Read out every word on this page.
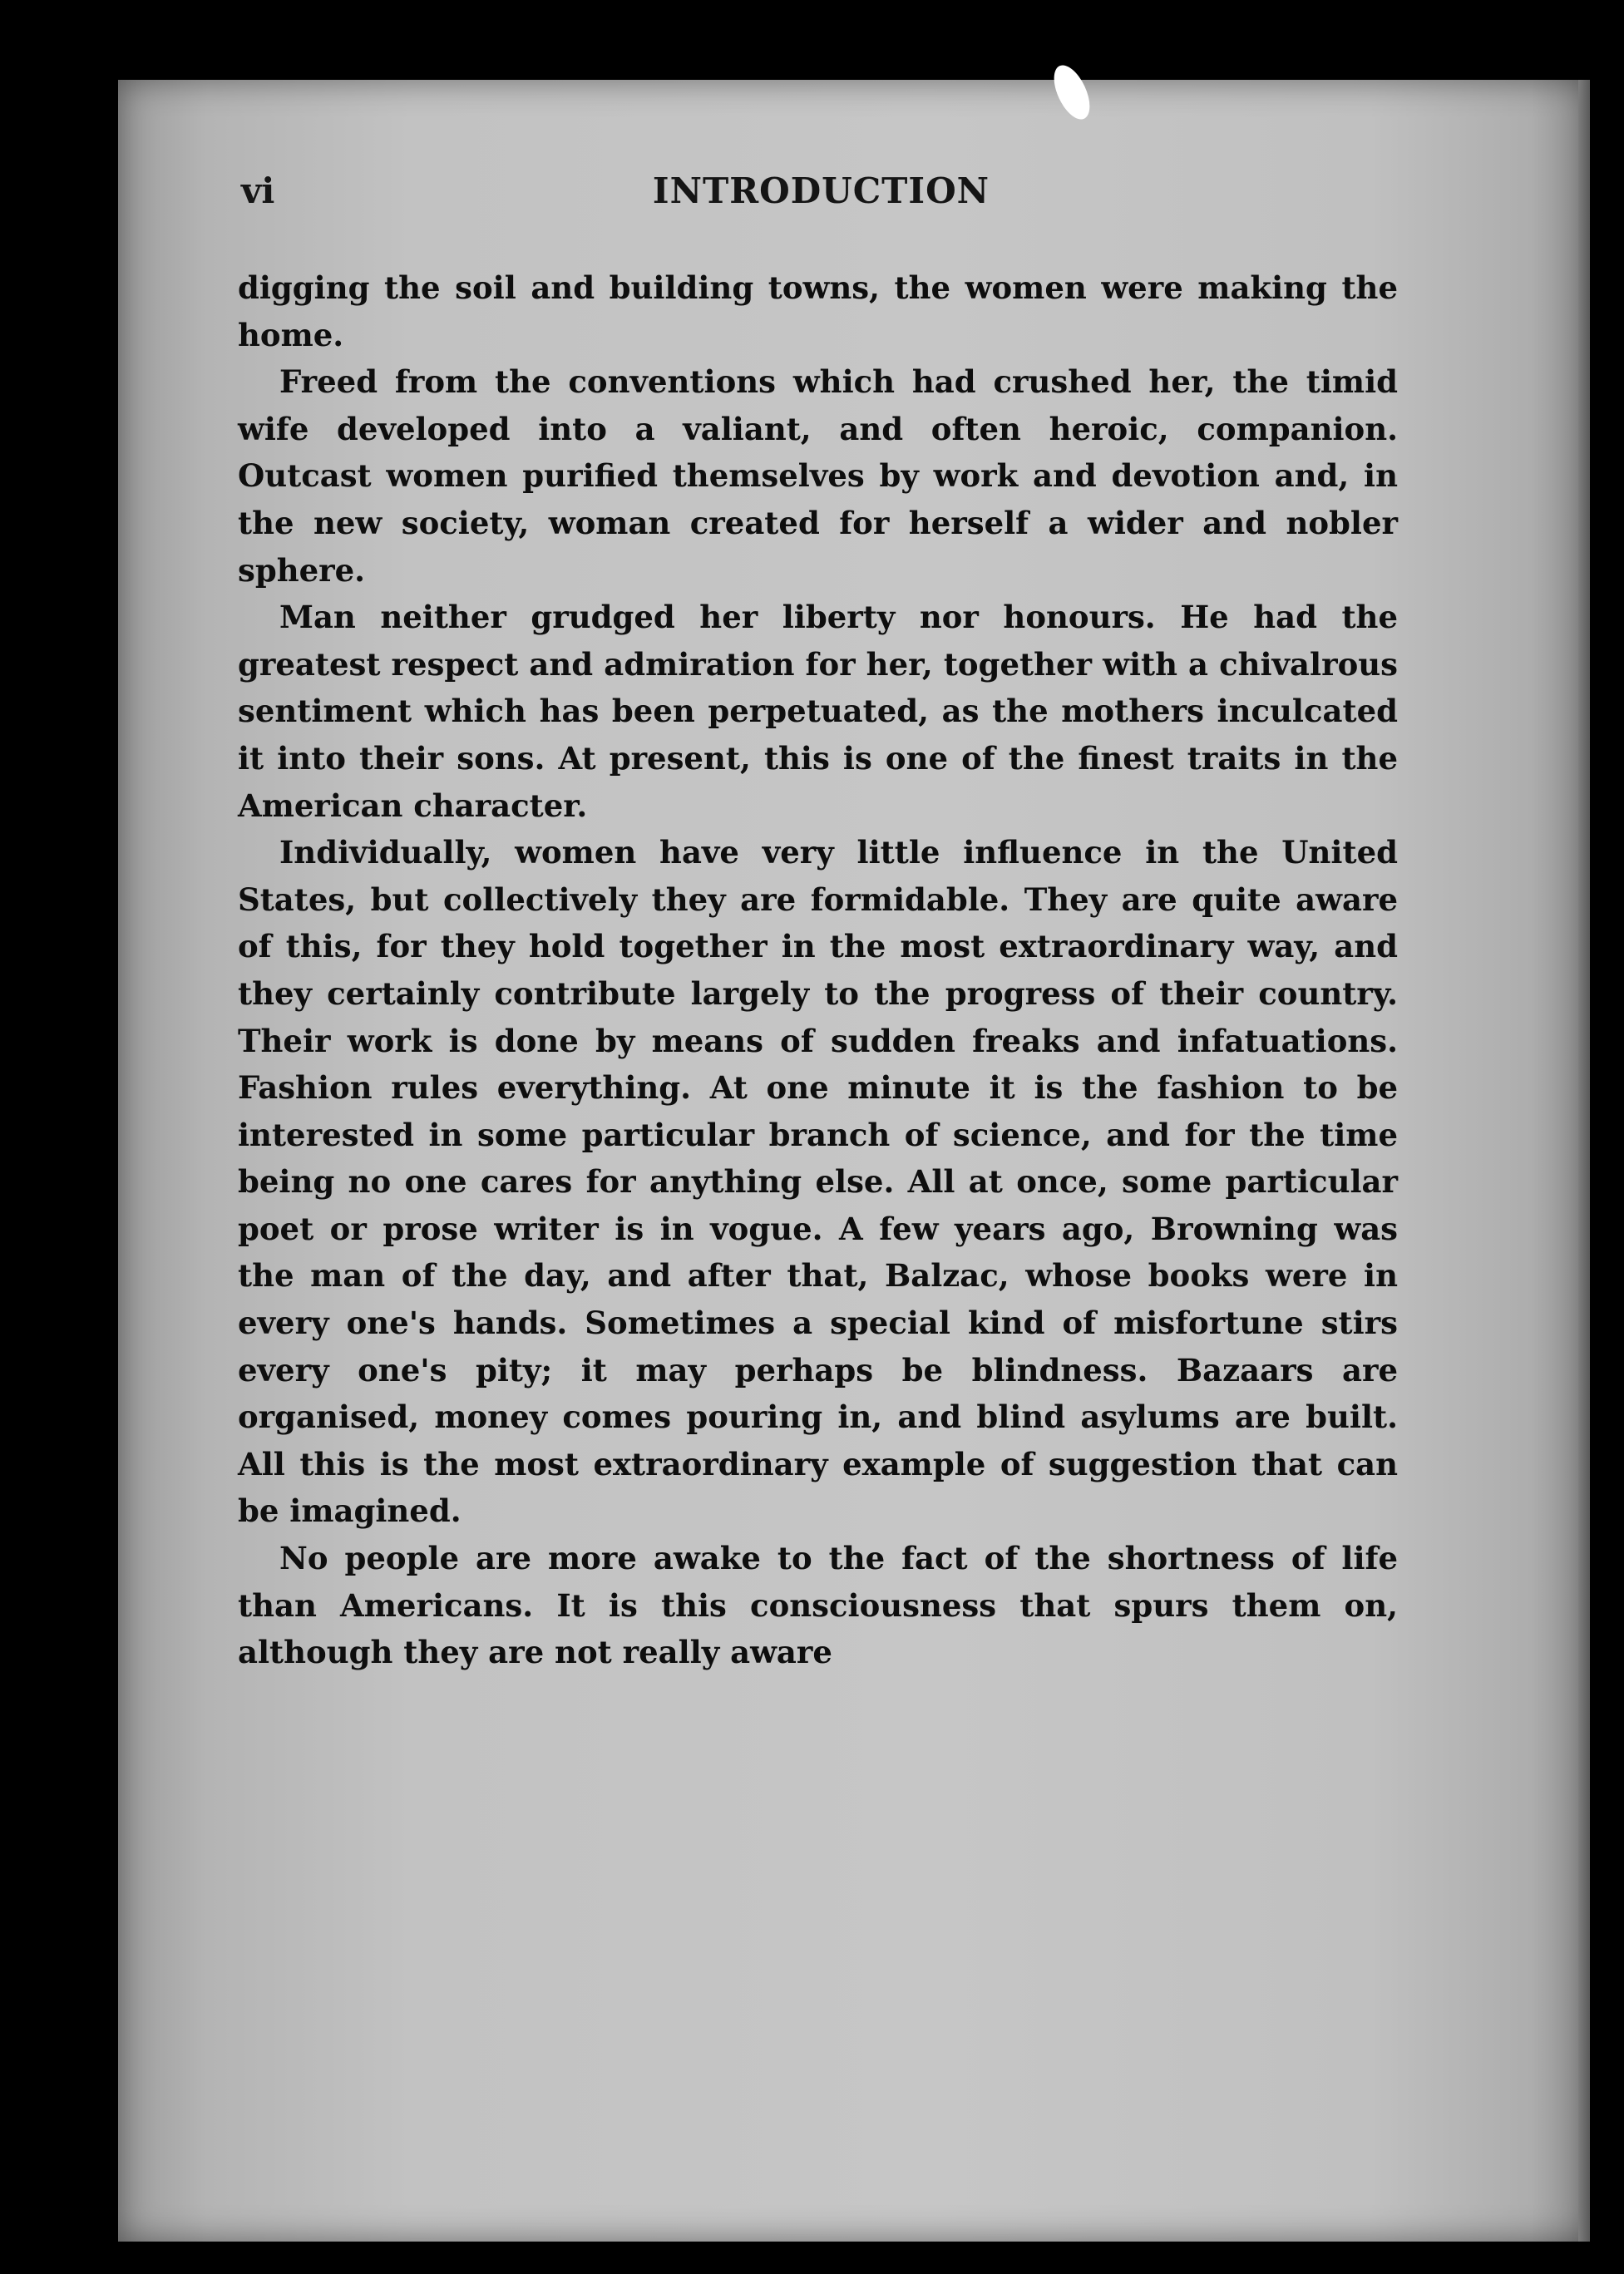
vi	INTRODUCTION

digging the soil and building towns, the women were making the home.

Freed from the conventions which had crushed her, the timid wife developed into a valiant, and often heroic, companion. Outcast women purified themselves by work and devotion and, in the new society, woman created for herself a wider and nobler sphere.

Man neither grudged her liberty nor honours. He had the greatest respect and admiration for her, together with a chivalrous sentiment which has been perpetuated, as the mothers inculcated it into their sons. At present, this is one of the finest traits in the American character.

Individually, women have very little influence in the United States, but collectively they are formidable. They are quite aware of this, for they hold together in the most extraordinary way, and they certainly contribute largely to the progress of their country. Their work is done by means of sudden freaks and infatuations. Fashion rules everything. At one minute it is the fashion to be interested in some particular branch of science, and for the time being no one cares for anything else. All at once, some particular poet or prose writer is in vogue. A few years ago, Browning was the man of the day, and after that, Balzac, whose books were in every one's hands. Sometimes a special kind of misfortune stirs every one's pity; it may perhaps be blindness. Bazaars are organised, money comes pouring in, and blind asylums are built. All this is the most extraordinary example of suggestion that can be imagined.

No people are more awake to the fact of the shortness of life than Americans. It is this consciousness that spurs them on, although they are not really aware
